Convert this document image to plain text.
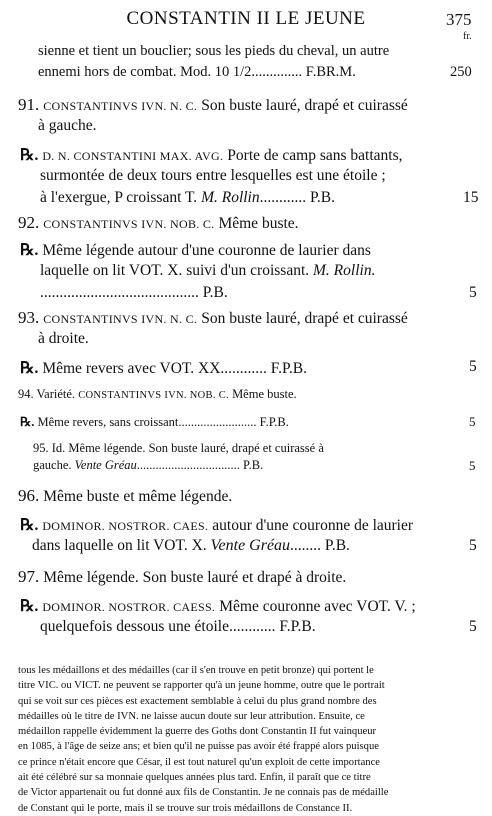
CONSTANTIN II LE JEUNE	375
fr.
sienne et tient un bouclier; sous les pieds du cheval, un autre
ennemi hors de combat. Mod. 10 1/2.............. F.BR.M.	250
91. CONSTANTINVS IVN. N. C. Son buste lauré, drapé et cuirassé
à gauche.
℞. D. N. CONSTANTINI MAX. AVG. Porte de camp sans battants,
surmontée de deux tours entre lesquelles est une étoile ;
à l'exergue, P croissant T. M. Rollin............ P.B.	15
92. CONSTANTINVS IVN. NOB. C. Même buste.
℞. Même légende autour d'une couronne de laurier dans
laquelle on lit VOT. X. suivi d'un croissant. M. Rollin.
......................................... P.B.	5
93. CONSTANTINVS IVN. N. C. Son buste lauré, drapé et cuirassé
à droite.
℞. Même revers avec VOT. XX............ F.P.B.	5
94. Variété. CONSTANTINVS IVN. NOB. C. Même buste.
℞. Même revers, sans croissant......................... F.P.B.	5
95. Id. Même légende. Son buste lauré, drapé et cuirassé à
gauche. Vente Gréau................................. P.B.	5
96. Même buste et même légende.
℞. DOMINOR. NOSTROR. CAES. autour d'une couronne de laurier
dans laquelle on lit VOT. X. Vente Gréau........ P.B.	5
97. Même légende. Son buste lauré et drapé à droite.
℞. DOMINOR. NOSTROR. CAESS. Même couronne avec VOT. V. ;
quelquefois dessous une étoile............ F.P.B.	5
tous les médaillons et des médailles (car il s'en trouve en petit bronze) qui portent le
titre VIC. ou VICT. ne peuvent se rapporter qu'à un jeune homme, outre que le portrait
qui se voit sur ces pièces est exactement semblable à celui du plus grand nombre des
médailles où le titre de IVN. ne laisse aucun doute sur leur attribution. Ensuite, ce
médaillon rappelle évidemment la guerre des Goths dont Constantin II fut vainqueur
en 1085, à l'âge de seize ans; et bien qu'il ne puisse pas avoir été frappé alors puisque
ce prince n'était encore que César, il est tout naturel qu'un exploit de cette importance
ait été célébré sur sa monnaie quelques années plus tard. Enfin, il paraît que ce titre
de Victor appartenait ou fut donné aux fils de Constantin. Je ne connais pas de médaille
de Constant qui le porte, mais il se trouve sur trois médaillons de Constance II.
